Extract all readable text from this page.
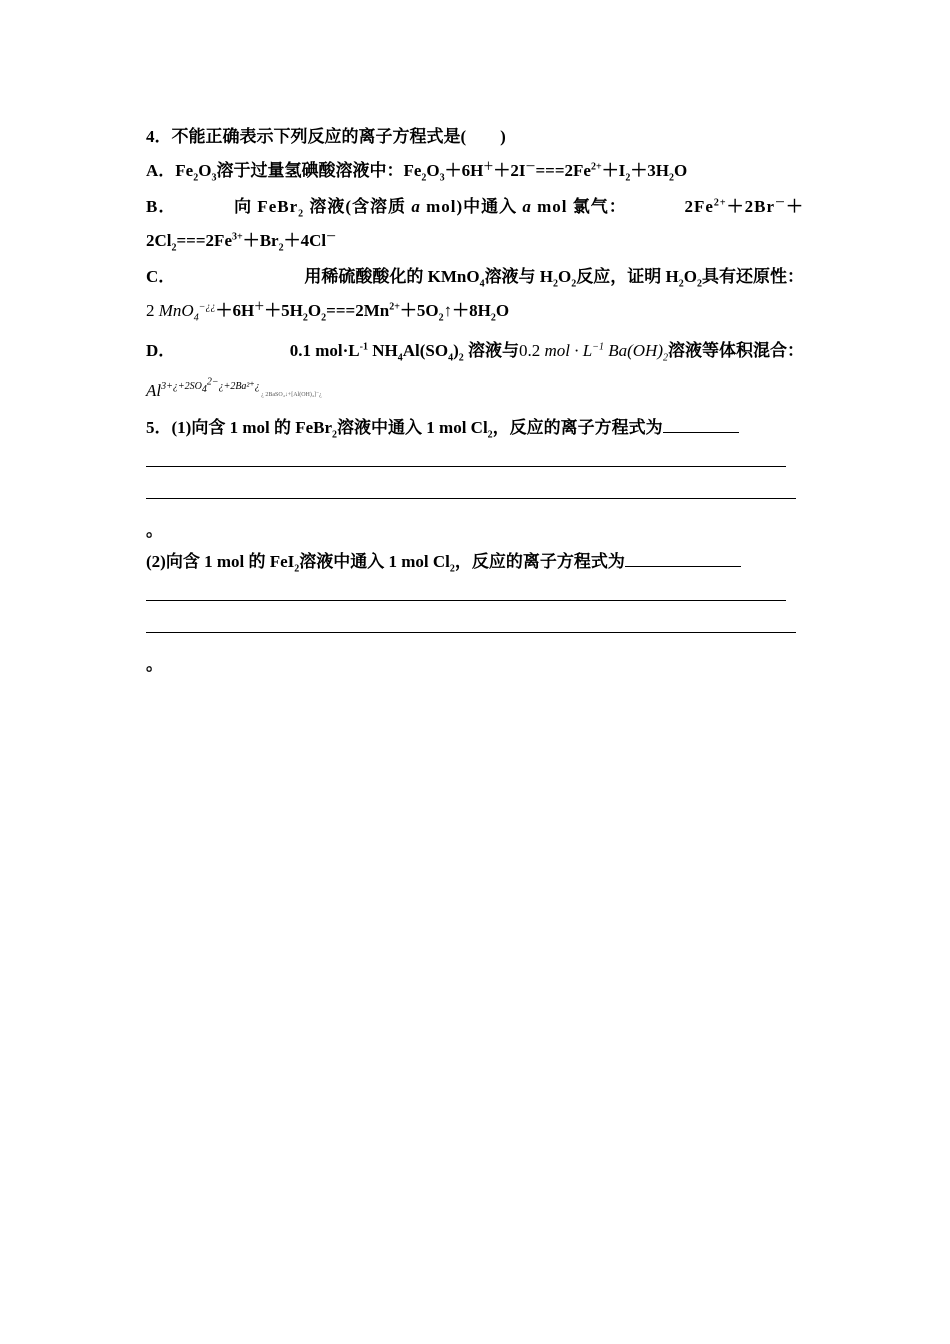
4．不能正确表示下列反应的离子方程式是(　　)
A．$Fe_2O_3$溶于过量氢碘酸溶液中：$Fe_2O_3+6H^++2I^-===2Fe^{2+}+I_2+3H_2O$
B．	向 FeBr$_2$ 溶液(含溶质 a mol)中通入 a mol 氯气：	$2Fe^{2+}+2Br^-+$
$2Cl_2===2Fe^{3+}+Br_2+4Cl^-$
C．	用稀硫酸酸化的 KMnO$_4$溶液与 $H_2O_2$反应，证明 $H_2O_2$具有还原性：
2 $MnO_4^{-¿¿}+6H^++5H_2O_2===2Mn^{2+}+5O_2↑+8H_2O$
D．	0.1 $mol\cdot L^{-1}$ $NH_4Al(SO_4)_2$ 溶液与0.2 mol · $L^{-1}$ $Ba(OH)_2$溶液等体积混合：
$Al^{3+¿+2SO_4^{2-}¿+2Ba^{2+}¿}$ ¿ 2BaSO₄↓+[Al(OH)₄]⁻¿
5．(1)向含 1 mol 的 FeBr$_2$溶液中通入 1 mol $Cl_2$，反应的离子方程式为
。
(2)向含 1 mol 的 FeI$_2$溶液中通入 1 mol $Cl_2$，反应的离子方程式为
。
